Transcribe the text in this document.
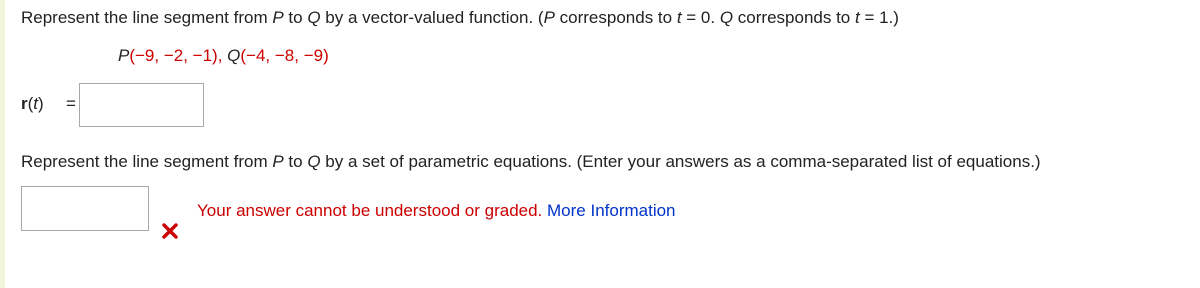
Represent the line segment from P to Q by a vector-valued function. (P corresponds to t = 0. Q corresponds to t = 1.)
P(−9, −2, −1), Q(−4, −8, −9)
r(t) =
Represent the line segment from P to Q by a set of parametric equations. (Enter your answers as a comma-separated list of equations.)
Your answer cannot be understood or graded. More Information
